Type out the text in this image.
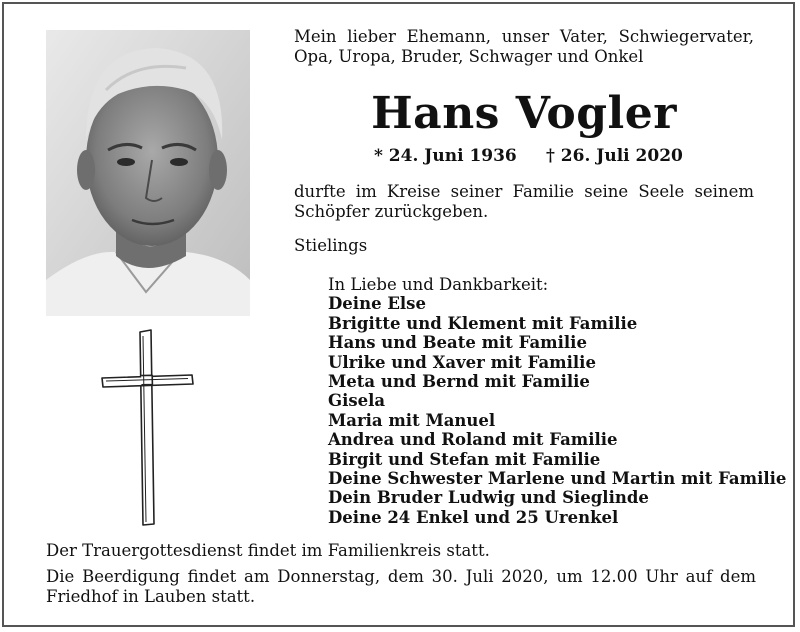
Mein lieber Ehemann, unser Vater, Schwiegervater,
Opa, Uropa, Bruder, Schwager und Onkel
Hans Vogler
* 24. Juni 1936 † 26. Juli 2020
durfte im Kreise seiner Familie seine Seele seinem
Schöpfer zurückgeben.
Stielings
In Liebe und Dankbarkeit:
Deine Else
Brigitte und Klement mit Familie
Hans und Beate mit Familie
Ulrike und Xaver mit Familie
Meta und Bernd mit Familie
Gisela
Maria mit Manuel
Andrea und Roland mit Familie
Birgit und Stefan mit Familie
Deine Schwester Marlene und Martin mit Familie
Dein Bruder Ludwig und Sieglinde
Deine 24 Enkel und 25 Urenkel

Der Trauergottesdienst findet im Familienkreis statt.

Die Beerdigung findet am Donnerstag, dem 30. Juli 2020, um 12.00 Uhr auf dem
Friedhof in Lauben statt.
